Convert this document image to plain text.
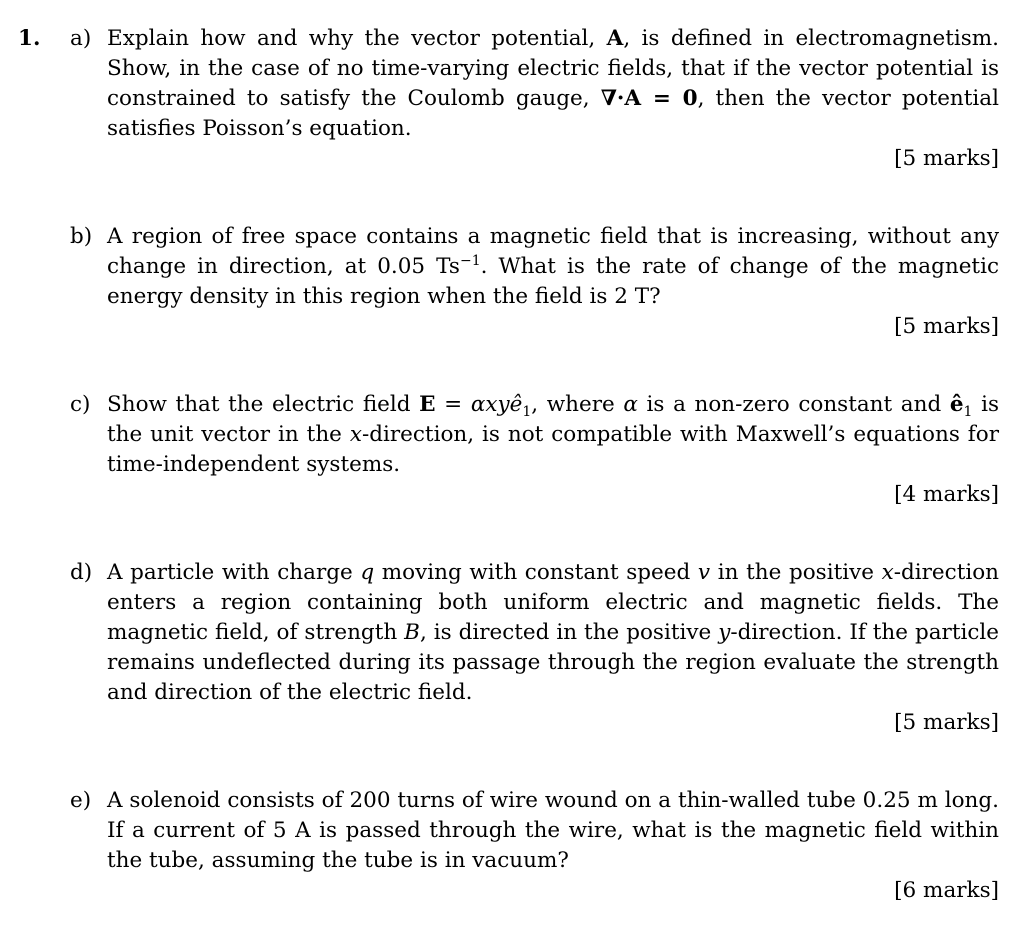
1. a) Explain how and why the vector potential, A, is defined in electromagnetism. Show, in the case of no time-varying electric fields, that if the vector potential is constrained to satisfy the Coulomb gauge, ∇·A = 0, then the vector potential satisfies Poisson’s equation.
[5 marks]
b) A region of free space contains a magnetic field that is increasing, without any change in direction, at 0.05 $Ts^{-1}$. What is the rate of change of the magnetic energy density in this region when the field is 2 T?
[5 marks]
c) Show that the electric field E = αxyê$_1$, where α is a non-zero constant and $ê_1$ is the unit vector in the x-direction, is not compatible with Maxwell’s equations for time-independent systems.
[4 marks]
d) A particle with charge q moving with constant speed v in the positive x-direction enters a region containing both uniform electric and magnetic fields. The magnetic field, of strength B, is directed in the positive y-direction. If the particle remains undeflected during its passage through the region evaluate the strength and direction of the electric field.
[5 marks]
e) A solenoid consists of 200 turns of wire wound on a thin-walled tube 0.25 m long. If a current of 5 A is passed through the wire, what is the magnetic field within the tube, assuming the tube is in vacuum?
[6 marks]
